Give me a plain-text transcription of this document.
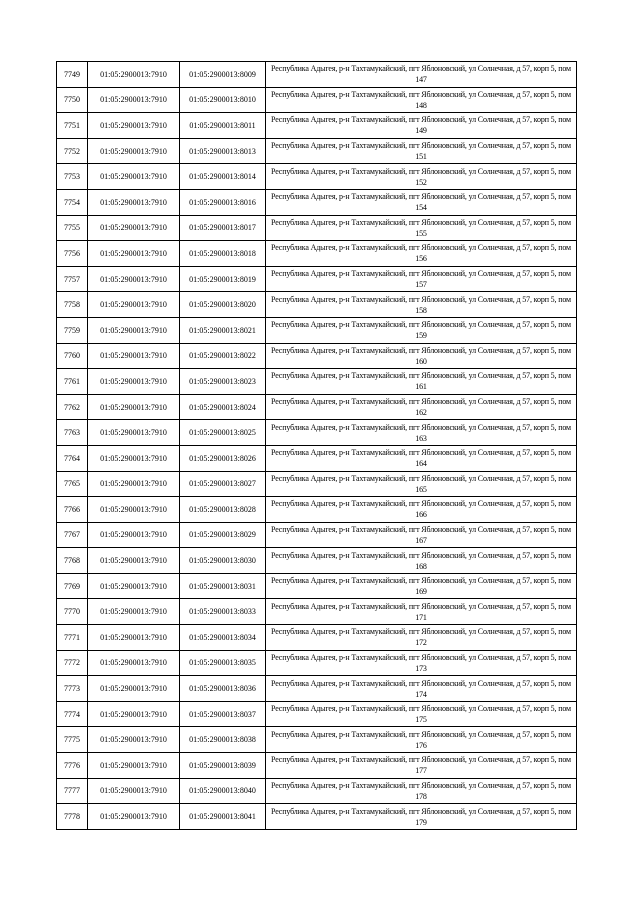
7749	01:05:2900013:7910	01:05:2900013:8009	Республика Адыгея, р-н Тахтамукайский, пгт Яблоновский, ул Солнечная, д 57, корп 5, пом 147
7750	01:05:2900013:7910	01:05:2900013:8010	Республика Адыгея, р-н Тахтамукайский, пгт Яблоновский, ул Солнечная, д 57, корп 5, пом 148
7751	01:05:2900013:7910	01:05:2900013:8011	Республика Адыгея, р-н Тахтамукайский, пгт Яблоновский, ул Солнечная, д 57, корп 5, пом 149
7752	01:05:2900013:7910	01:05:2900013:8013	Республика Адыгея, р-н Тахтамукайский, пгт Яблоновский, ул Солнечная, д 57, корп 5, пом 151
7753	01:05:2900013:7910	01:05:2900013:8014	Республика Адыгея, р-н Тахтамукайский, пгт Яблоновский, ул Солнечная, д 57, корп 5, пом 152
7754	01:05:2900013:7910	01:05:2900013:8016	Республика Адыгея, р-н Тахтамукайский, пгт Яблоновский, ул Солнечная, д 57, корп 5, пом 154
7755	01:05:2900013:7910	01:05:2900013:8017	Республика Адыгея, р-н Тахтамукайский, пгт Яблоновский, ул Солнечная, д 57, корп 5, пом 155
7756	01:05:2900013:7910	01:05:2900013:8018	Республика Адыгея, р-н Тахтамукайский, пгт Яблоновский, ул Солнечная, д 57, корп 5, пом 156
7757	01:05:2900013:7910	01:05:2900013:8019	Республика Адыгея, р-н Тахтамукайский, пгт Яблоновский, ул Солнечная, д 57, корп 5, пом 157
7758	01:05:2900013:7910	01:05:2900013:8020	Республика Адыгея, р-н Тахтамукайский, пгт Яблоновский, ул Солнечная, д 57, корп 5, пом 158
7759	01:05:2900013:7910	01:05:2900013:8021	Республика Адыгея, р-н Тахтамукайский, пгт Яблоновский, ул Солнечная, д 57, корп 5, пом 159
7760	01:05:2900013:7910	01:05:2900013:8022	Республика Адыгея, р-н Тахтамукайский, пгт Яблоновский, ул Солнечная, д 57, корп 5, пом 160
7761	01:05:2900013:7910	01:05:2900013:8023	Республика Адыгея, р-н Тахтамукайский, пгт Яблоновский, ул Солнечная, д 57, корп 5, пом 161
7762	01:05:2900013:7910	01:05:2900013:8024	Республика Адыгея, р-н Тахтамукайский, пгт Яблоновский, ул Солнечная, д 57, корп 5, пом 162
7763	01:05:2900013:7910	01:05:2900013:8025	Республика Адыгея, р-н Тахтамукайский, пгт Яблоновский, ул Солнечная, д 57, корп 5, пом 163
7764	01:05:2900013:7910	01:05:2900013:8026	Республика Адыгея, р-н Тахтамукайский, пгт Яблоновский, ул Солнечная, д 57, корп 5, пом 164
7765	01:05:2900013:7910	01:05:2900013:8027	Республика Адыгея, р-н Тахтамукайский, пгт Яблоновский, ул Солнечная, д 57, корп 5, пом 165
7766	01:05:2900013:7910	01:05:2900013:8028	Республика Адыгея, р-н Тахтамукайский, пгт Яблоновский, ул Солнечная, д 57, корп 5, пом 166
7767	01:05:2900013:7910	01:05:2900013:8029	Республика Адыгея, р-н Тахтамукайский, пгт Яблоновский, ул Солнечная, д 57, корп 5, пом 167
7768	01:05:2900013:7910	01:05:2900013:8030	Республика Адыгея, р-н Тахтамукайский, пгт Яблоновский, ул Солнечная, д 57, корп 5, пом 168
7769	01:05:2900013:7910	01:05:2900013:8031	Республика Адыгея, р-н Тахтамукайский, пгт Яблоновский, ул Солнечная, д 57, корп 5, пом 169
7770	01:05:2900013:7910	01:05:2900013:8033	Республика Адыгея, р-н Тахтамукайский, пгт Яблоновский, ул Солнечная, д 57, корп 5, пом 171
7771	01:05:2900013:7910	01:05:2900013:8034	Республика Адыгея, р-н Тахтамукайский, пгт Яблоновский, ул Солнечная, д 57, корп 5, пом 172
7772	01:05:2900013:7910	01:05:2900013:8035	Республика Адыгея, р-н Тахтамукайский, пгт Яблоновский, ул Солнечная, д 57, корп 5, пом 173
7773	01:05:2900013:7910	01:05:2900013:8036	Республика Адыгея, р-н Тахтамукайский, пгт Яблоновский, ул Солнечная, д 57, корп 5, пом 174
7774	01:05:2900013:7910	01:05:2900013:8037	Республика Адыгея, р-н Тахтамукайский, пгт Яблоновский, ул Солнечная, д 57, корп 5, пом 175
7775	01:05:2900013:7910	01:05:2900013:8038	Республика Адыгея, р-н Тахтамукайский, пгт Яблоновский, ул Солнечная, д 57, корп 5, пом 176
7776	01:05:2900013:7910	01:05:2900013:8039	Республика Адыгея, р-н Тахтамукайский, пгт Яблоновский, ул Солнечная, д 57, корп 5, пом 177
7777	01:05:2900013:7910	01:05:2900013:8040	Республика Адыгея, р-н Тахтамукайский, пгт Яблоновский, ул Солнечная, д 57, корп 5, пом 178
7778	01:05:2900013:7910	01:05:2900013:8041	Республика Адыгея, р-н Тахтамукайский, пгт Яблоновский, ул Солнечная, д 57, корп 5, пом 179
